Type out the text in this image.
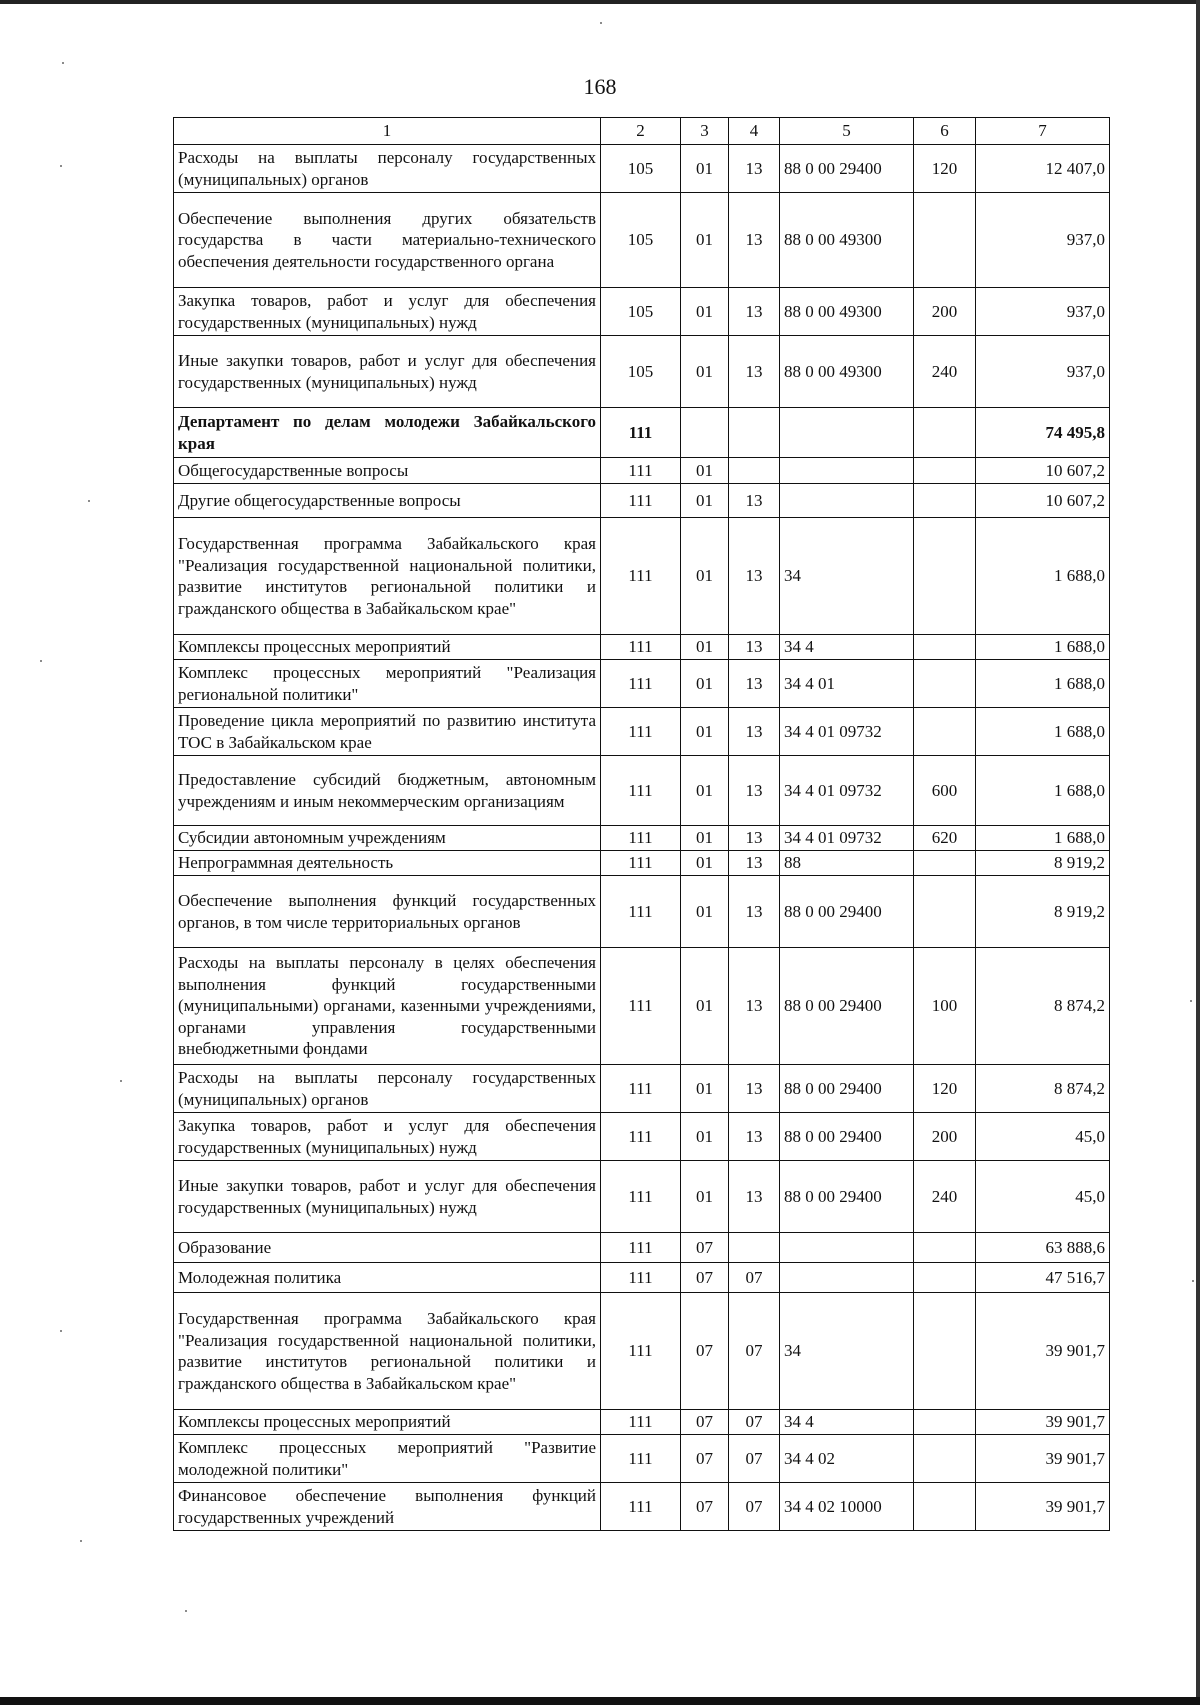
168
1	2	3	4	5	6	7
Расходы на выплаты персоналу государственных (муниципальных) органов	105	01	13	88 0 00 29400	120	12 407,0
Обеспечение выполнения других обязательств государства в части материально-технического обеспечения деятельности государственного органа	105	01	13	88 0 00 49300		937,0
Закупка товаров, работ и услуг для обеспечения государственных (муниципальных) нужд	105	01	13	88 0 00 49300	200	937,0
Иные закупки товаров, работ и услуг для обеспечения государственных (муниципальных) нужд	105	01	13	88 0 00 49300	240	937,0
Департамент по делам молодежи Забайкальского края	111					74 495,8
Общегосударственные вопросы	111	01				10 607,2
Другие общегосударственные вопросы	111	01	13			10 607,2
Государственная программа Забайкальского края "Реализация государственной национальной политики, развитие институтов региональной политики и гражданского общества в Забайкальском крае"	111	01	13	34		1 688,0
Комплексы процессных мероприятий	111	01	13	34 4		1 688,0
Комплекс процессных мероприятий "Реализация региональной политики"	111	01	13	34 4 01		1 688,0
Проведение цикла мероприятий по развитию института ТОС в Забайкальском крае	111	01	13	34 4 01 09732		1 688,0
Предоставление субсидий бюджетным, автономным учреждениям и иным некоммерческим организациям	111	01	13	34 4 01 09732	600	1 688,0
Субсидии автономным учреждениям	111	01	13	34 4 01 09732	620	1 688,0
Непрограммная деятельность	111	01	13	88		8 919,2
Обеспечение выполнения функций государственных органов, в том числе территориальных органов	111	01	13	88 0 00 29400		8 919,2
Расходы на выплаты персоналу в целях обеспечения выполнения функций государственными (муниципальными) органами, казенными учреждениями, органами управления государственными внебюджетными фондами	111	01	13	88 0 00 29400	100	8 874,2
Расходы на выплаты персоналу государственных (муниципальных) органов	111	01	13	88 0 00 29400	120	8 874,2
Закупка товаров, работ и услуг для обеспечения государственных (муниципальных) нужд	111	01	13	88 0 00 29400	200	45,0
Иные закупки товаров, работ и услуг для обеспечения государственных (муниципальных) нужд	111	01	13	88 0 00 29400	240	45,0
Образование	111	07				63 888,6
Молодежная политика	111	07	07			47 516,7
Государственная программа Забайкальского края "Реализация государственной национальной политики, развитие институтов региональной политики и гражданского общества в Забайкальском крае"	111	07	07	34		39 901,7
Комплексы процессных мероприятий	111	07	07	34 4		39 901,7
Комплекс процессных мероприятий "Развитие молодежной политики"	111	07	07	34 4 02		39 901,7
Финансовое обеспечение выполнения функций государственных учреждений	111	07	07	34 4 02 10000		39 901,7
